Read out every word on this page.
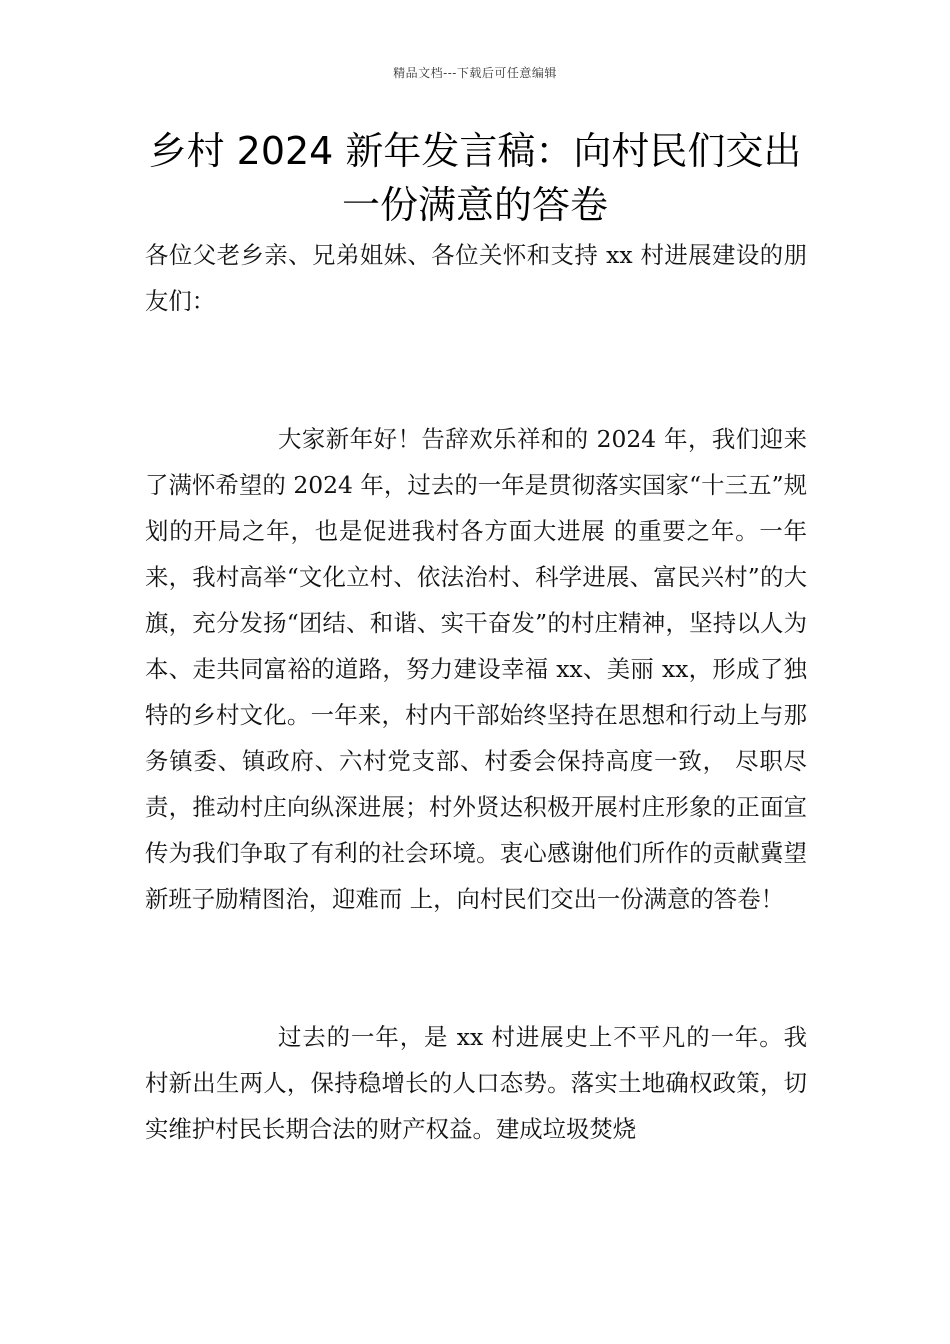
精品文档---下载后可任意编辑
乡村 2024 新年发言稿：向村民们交出一份满意的答卷

各位父老乡亲、兄弟姐妹、各位关怀和支持 xx 村进展建设的朋友们：

大家新年好！告辞欢乐祥和的 2024 年，我们迎来了满怀希望的 2024 年，过去的一年是贯彻落实国家“十三五”规划的开局之年，也是促进我村各方面大进展 的重要之年。一年来，我村高举“文化立村、依法治村、科学进展、富民兴村”的大旗，充分发扬“团结、和谐、实干奋发”的村庄精神，坚持以人为本、走共同富裕的道路，努力建设幸福 xx、美丽 xx，形成了独特的乡村文化。一年来，村内干部始终坚持在思想和行动上与那务镇委、镇政府、六村党支部、村委会保持高度一致， 尽职尽责，推动村庄向纵深进展；村外贤达积极开展村庄形象的正面宣传为我们争取了有利的社会环境。衷心感谢他们所作的贡献冀望新班子励精图治，迎难而 上，向村民们交出一份满意的答卷！

过去的一年，是 xx 村进展史上不平凡的一年。我村新出生两人，保持稳增长的人口态势。落实土地确权政策，切实维护村民长期合法的财产权益。建成垃圾焚烧
